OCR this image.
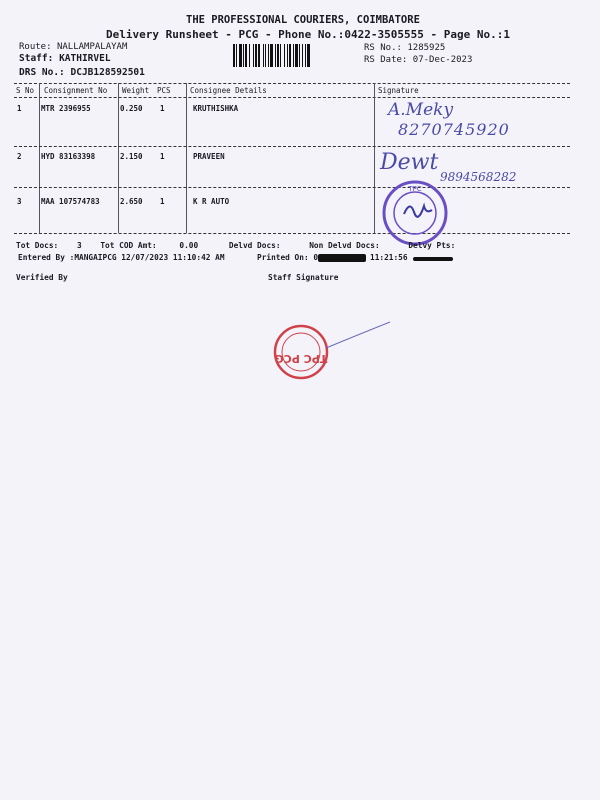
THE PROFESSIONAL COURIERS, COIMBATORE
Delivery Runsheet - PCG - Phone No.:0422-3505555 - Page No.:1
Route: NALLAMPALAYAM
Staff: KATHIRVEL
DRS No.: DCJB128592501
RS No.: 1285925
RS Date: 07-Dec-2023
S No Consignment No Weight PCS	Consignee Details	Signature
1	MTR 2396955	0.250 1	KRUTHISHKA	A.Meky
8270745920
2	HYD 83163398	2.150 1	PRAVEEN	Dewt
9894568282
3	MAA 107574783	2.650 1	K R AUTO
TPC
Tot Docs: 3 Tot COD Amt:	0.00	Delvd Docs:	Non Delvd Docs:	Delvy Pts:
Entered By :MANGAIPCG 12/07/2023 11:10:42 AM	Printed On: 0	11:21:56
Verified By	Staff Signature
TPC PCG
